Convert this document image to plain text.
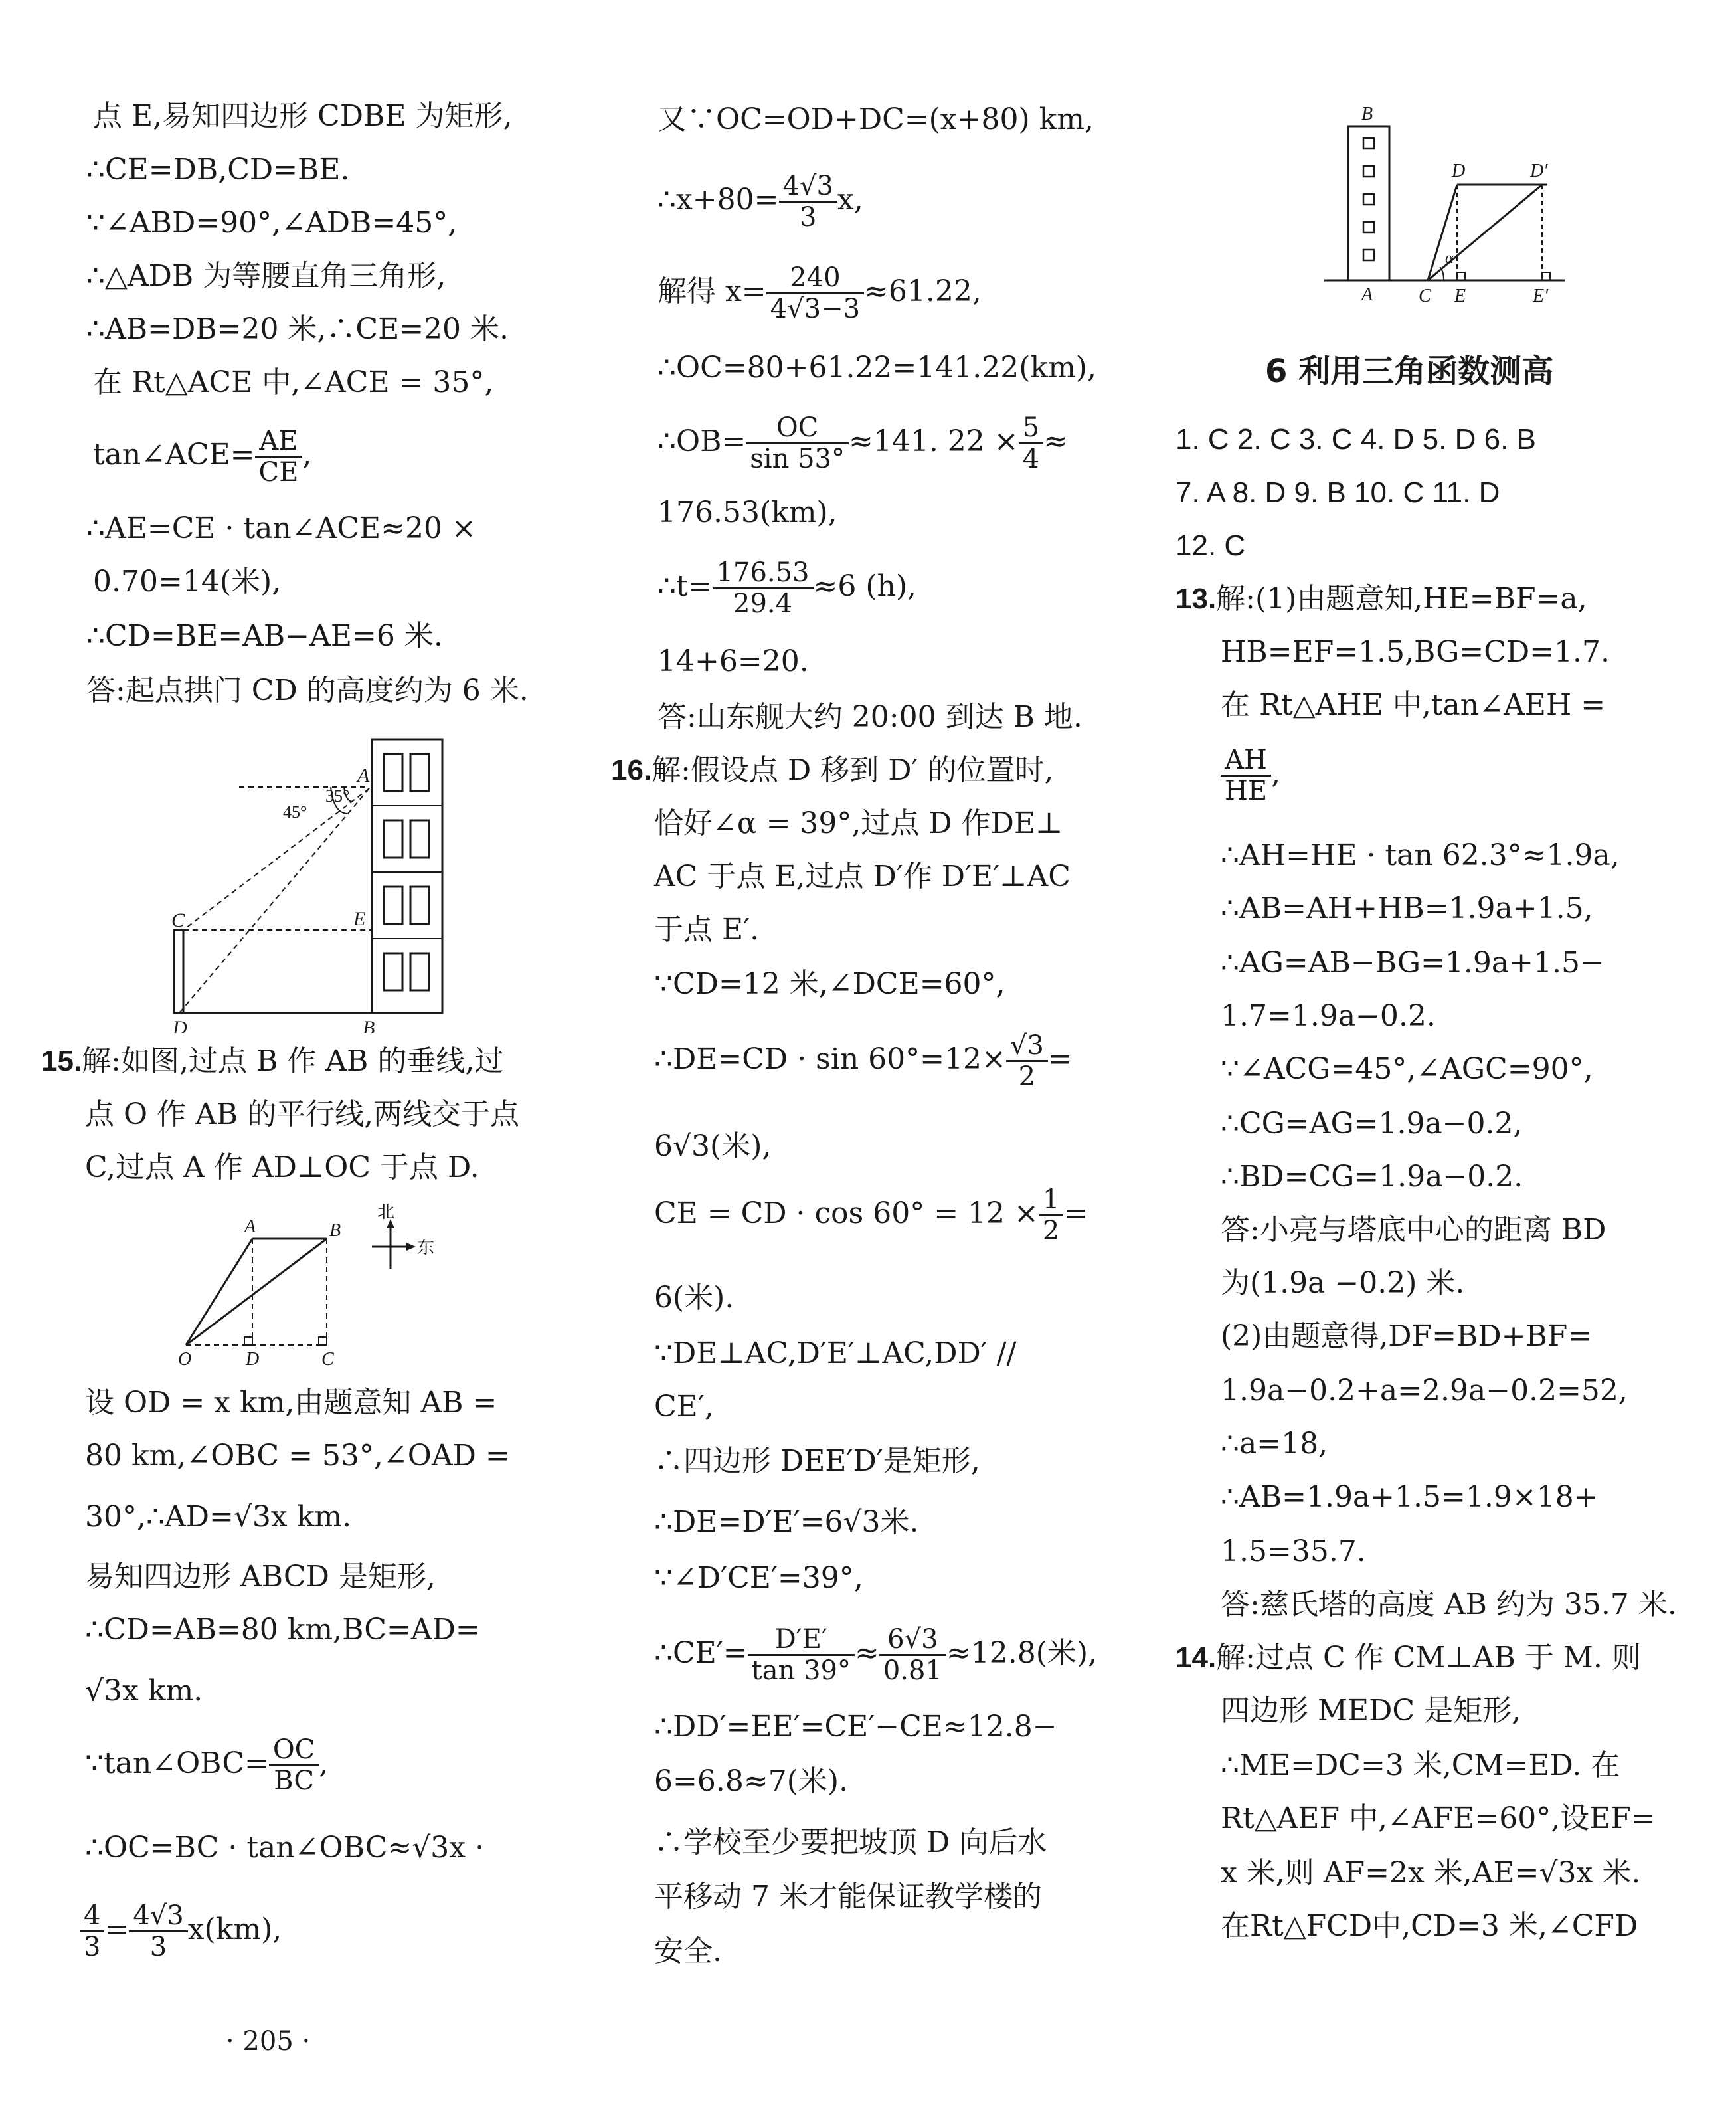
点 E,易知四边形 CDBE 为矩形,
∴CE=DB,CD=BE.
∵∠ABD=90°,∠ADB=45°,
∴△ADB 为等腰直角三角形,
∴AB=DB=20 米,∴CE=20 米.
在 Rt△ACE 中,∠ACE = 35°,
tan∠ACE= $\frac{AE}{CE}$ ,
∴AE=CE · tan∠ACE≈20 ×
0.70=14(米),
∴CD=BE=AB−AE=6 米.
答:起点拱门 CD 的高度约为 6 米.
45°
35°
A
C
D
E
B
15.解:如图,过点 B 作 AB 的垂线,过
点 O 作 AB 的平行线,两线交于点
C,过点 A 作 AD⊥OC 于点 D.
北
东
A	B
O	D	C
设 OD = x km,由题意知 AB =
80 km,∠OBC = 53°,∠OAD =
30°,∴AD=√3x km.
易知四边形 ABCD 是矩形,
∴CD=AB=80 km,BC=AD=
√3x km.
∵tan∠OBC= $\frac{OC}{BC}$ ,
∴OC=BC · tan∠OBC≈√3x ·
$\frac{4}{3} = \frac{4√3}{3} x(km)$,
又∵OC=OD+DC=(x+80) km,
∴x+80= $\frac{4√3}{3} x$,
解得 $x= \frac{240}{4√3-3} \approx 61.22$,
∴OC=80+61.22=141.22(km),
∴OB= $\frac{OC}{\sin 53^\circ} \approx 141$. $22 \times \frac{5}{4}$ ≈
176.53(km),
∴t= $\frac{176.53}{29.4} \approx 6$ (h),
14+6=20.
答:山东舰大约 20:00 到达 B 地.
16.解:假设点 D 移到 D′ 的位置时,
恰好∠α = 39°,过点 D 作DE⊥
AC 于点 E,过点 D′作 D′E′⊥AC
于点 E′.
∵CD=12 米,∠DCE=60°,
∴DE=CD · $\sin 60^\circ=12\times \frac{√3}{2}$ =
6√3(米),
CE = CD · $\cos 60^\circ = 12 \times \frac{1}{2}$ =
6(米).
∵DE⊥AC,D′E′⊥AC,DD′ //
CE′,
∴四边形 DEE′D′是矩形,
∴DE=D′E′=6√3米.
∵∠D′CE′=39°,
∴CE′= $\frac{D'E'}{\tan 39^\circ} \approx \frac{6√3}{0.81} \approx 12.8$(米),
∴DD′=EE′=CE′−CE≈12.8−
6=6.8≈7(米).
∴学校至少要把坡顶 D 向后水
平移动 7 米才能保证教学楼的
安全.
α
B
D	D′
A C E	E′
6 利用三角函数测高
1. C 2. C 3. C 4. D 5. D 6. B
7. A 8. D 9. B 10. C 11. D
12. C
13.解:(1)由题意知,HE=BF=a,
HB=EF=1.5,BG=CD=1.7.
在 Rt△AHE 中,tan∠AEH =
$\frac{AH}{HE}$ ,
∴AH=HE · tan 62.3°≈1.9a,
∴AB=AH+HB=1.9a+1.5,
∴AG=AB−BG=1.9a+1.5−
1.7=1.9a−0.2.
∵∠ACG=45°,∠AGC=90°,
∴CG=AG=1.9a−0.2,
∴BD=CG=1.9a−0.2.
答:小亮与塔底中心的距离 BD
为(1.9a −0.2) 米.
(2)由题意得,DF=BD+BF=
1.9a−0.2+a=2.9a−0.2=52,
∴a=18,
∴AB=1.9a+1.5=1.9×18+
1.5=35.7.
答:慈氏塔的高度 AB 约为 35.7 米.
14.解:过点 C 作 CM⊥AB 于 M. 则
四边形 MEDC 是矩形,
∴ME=DC=3 米,CM=ED. 在
Rt△AEF 中,∠AFE=60°,设EF=
x 米,则 AF=2x 米,AE=√3x 米.
在Rt△FCD中,CD=3 米,∠CFD
· 205 ·
